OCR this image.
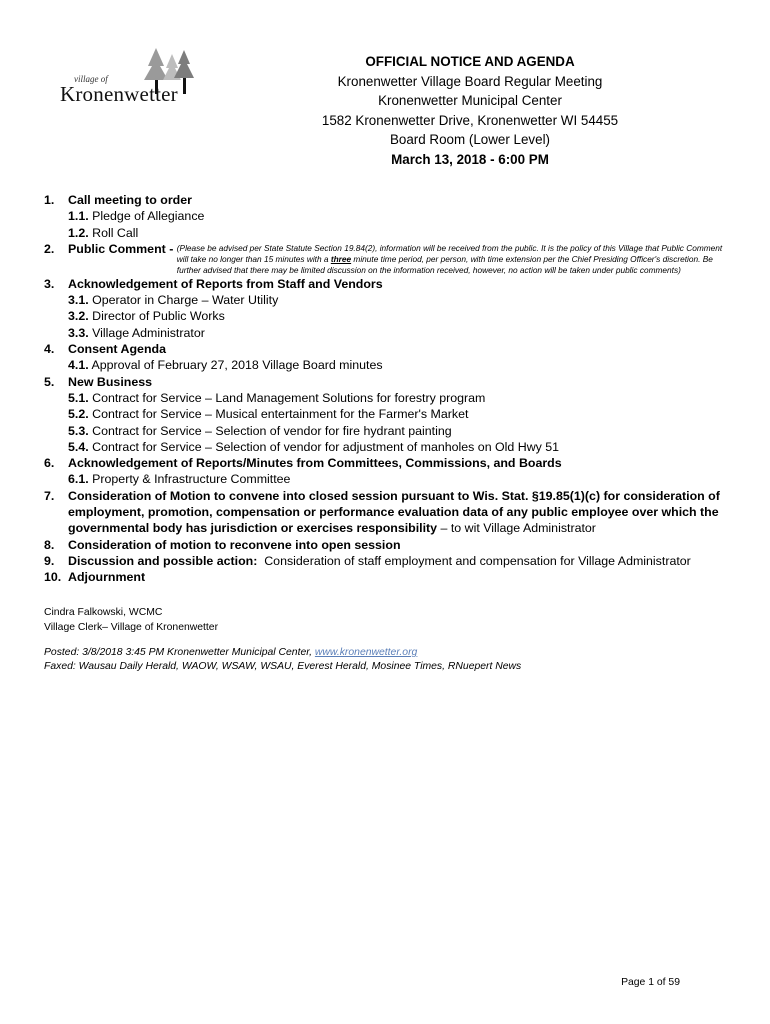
village of
Kronenwetter
OFFICIAL NOTICE AND AGENDA
Kronenwetter Village Board Regular Meeting
Kronenwetter Municipal Center
1582 Kronenwetter Drive, Kronenwetter WI 54455
Board Room (Lower Level)
March 13, 2018 - 6:00 PM
1.	Call meeting to order
1.1. Pledge of Allegiance
1.2. Roll Call
2.	Public Comment - (Please be advised per State Statute Section 19.84(2), information will be received from the public. It is the policy of this Village that Public Comment will take no longer than 15 minutes with a three minute time period, per person, with time extension per the Chief Presiding Officer's discretion. Be further advised that there may be limited discussion on the information received, however, no action will be taken under public comments)
3.	Acknowledgement of Reports from Staff and Vendors
3.1. Operator in Charge – Water Utility
3.2. Director of Public Works
3.3. Village Administrator
4.	Consent Agenda
4.1. Approval of February 27, 2018 Village Board minutes
5.	New Business
5.1. Contract for Service – Land Management Solutions for forestry program
5.2. Contract for Service – Musical entertainment for the Farmer's Market
5.3. Contract for Service – Selection of vendor for fire hydrant painting
5.4. Contract for Service – Selection of vendor for adjustment of manholes on Old Hwy 51
6.	Acknowledgement of Reports/Minutes from Committees, Commissions, and Boards
6.1. Property & Infrastructure Committee
7.	Consideration of Motion to convene into closed session pursuant to Wis. Stat. §19.85(1)(c) for consideration of employment, promotion, compensation or performance evaluation data of any public employee over which the governmental body has jurisdiction or exercises responsibility – to wit Village Administrator
8.	Consideration of motion to reconvene into open session
9.	Discussion and possible action:  Consideration of staff employment and compensation for Village Administrator
10. Adjournment
Cindra Falkowski, WCMC
Village Clerk– Village of Kronenwetter
Posted: 3/8/2018 3:45 PM Kronenwetter Municipal Center, www.kronenwetter.org
Faxed: Wausau Daily Herald, WAOW, WSAW, WSAU, Everest Herald, Mosinee Times, RNuepert News
Page 1 of 59
